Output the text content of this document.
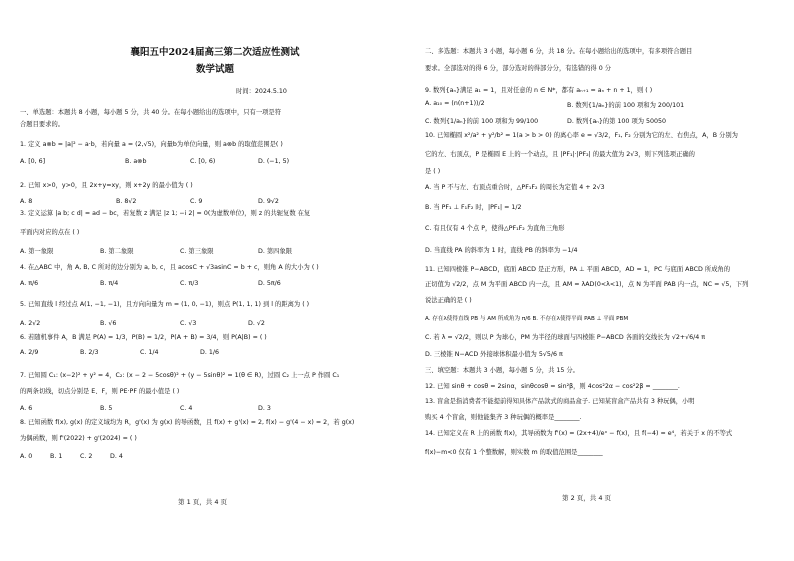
襄阳五中2024届高三第二次适应性测试
数学试题
时间：2024.5.10
一、单选题：本题共 8 小题，每小题 5 分，共 40 分。在每小题给出的选项中，只有一项是符
合题目要求的。
1. 定义 a⊗b = |a|² − a·b，若向量 a = (2,√5)，向量b为单位向量，则 a⊗b 的取值范围是( )
A. [0, 6]	B. a⊗b	C. [0, 6)	D. (−1, 5)
2. 已知 x>0，y>0，且 2x+y=xy，则 x+2y 的最小值为 ( )
A. 8	B. 8√2	C. 9	D. 9√2
3. 定义运算 |a b; c d| = ad − bc，若复数 z 满足 |z 1; −i 2| = 0(为虚数单位)，则 z 的共轭复数 在复
平面内对应的点在 ( )
A. 第一象限	B. 第二象限	C. 第三象限	D. 第四象限
4. 在△ABC 中，角 A, B, C 所对的边分别为 a, b, c，且 acosC + √3asinC = b + c，则角 A 的大小为 ( )
A. π/6	B. π/4	C. π/3	D. 5π/6
5. 已知直线 l 经过点 A(1, −1, −1)，且方向向量为 m = (1, 0, −1)，则点 P(1, 1, 1) 到 l 的距离为 ( )
A. 2√2	B. √6	C. √3	D. √2
6. 若随机事件 A，B 满足 P(A) = 1/3，P(B) = 1/2，P(A + B) = 3/4，则 P(A|B) = ( )
A. 2/9	B. 2/3	C. 1/4	D. 1/6
7. 已知圆 C₁: (x−2)² + y² = 4，C₂: (x − 2 − 5cosθ)² + (y − 5sinθ)² = 1(θ ∈ R)，过圆 C₂ 上一点 P 作圆 C₁
的两条切线，切点分别是 E、F，则 PE·PF 的最小值是 ( )
A. 6	B. 5	C. 4	D. 3
8. 已知函数 f(x), g(x) 的定义域均为 R，g'(x) 为 g(x) 的导函数，且 f(x) + g'(x) = 2, f(x) − g'(4 − x) = 2，若 g(x)
为偶函数，则 f'(2022) + g'(2024) = ( )
A. 0	B. 1	C. 2	D. 4
第 1 页，共 4 页
二、多选题：本题共 3 小题，每小题 6 分，共 18 分。在每小题给出的选项中，有多项符合题目
要求。全部选对的得 6 分，部分选对的得部分分，有选错的得 0 分
9. 数列{aₙ}满足 a₁ = 1，且对任意的 n ∈ N*，都有 aₙ₊₁ = aₙ + n + 1，则 ( )
A. a₁₀ = (n(n+1))/2	B. 数列{1/aₙ}的前 100 项和为 200/101
C. 数列{1/aₙ}的前 100 项和为 99/100	D. 数列{aₙ}的第 100 项为 50050
10. 已知椭圆 x²/a² + y²/b² = 1(a > b > 0) 的离心率 e = √3/2，F₁, F₂ 分别为它的左、右焦点，A，B 分别为
它的左、右顶点，P 是椭圆 E 上的一个动点，且 |PF₁|·|PF₂| 的最大值为 2√3，则下列选项正确的
是 ( )
A. 当 P 不与左、右顶点重合时，△PF₁F₂ 的周长为定值 4 + 2√3
B. 当 PF₁ ⊥ F₁F₂ 时，|PF₁| = 1/2
C. 有且仅有 4 个点 P，使得△PF₁F₂ 为直角三角形
D. 当直线 PA 的斜率为 1 时，直线 PB 的斜率为 −1/4
11. 已知四棱锥 P−ABCD，底面 ABCD 是正方形，PA ⊥ 平面 ABCD，AD = 1，PC 与底面 ABCD 所成角的
正切值为 √2/2，点 M 为平面 ABCD 内一点，且 AM = λAD(0<λ<1)，点 N 为平面 PAB 内一点，NC = √5，下列
说法正确的是 ( )
A. 存在λ使得直线 PB 与 AM 所成角为 π/6 B. 不存在λ使得平面 PAB ⊥ 平面 PBM
C. 若 λ = √2/2，则以 P 为球心，PM 为半径的球面与四棱锥 P−ABCD 各面的交线长为 √2+√6/4 π
D. 三棱锥 N−ACD 外接球体积最小值为 5√5/6 π
三、填空题：本题共 3 小题，每小题 5 分，共 15 分。
12. 已知 sinθ + cosθ = 2sinα，sinθcosθ = sin²β，则 4cos²2α − cos²2β = ________.
13. 盲盒是指消费者不能提前得知具体产品款式的商品盒子. 已知某盲盒产品共有 3 种玩偶，小明
购买 4 个盲盒，则他能集齐 3 种玩偶的概率是________.
14. 已知定义在 R 上的函数 f(x)，其导函数为 f'(x) = (2x+4)/eˣ − f(x)，且 f(−4) = e⁴，若关于 x 的不等式
f(x)−m<0 仅有 1 个整数解，则实数 m 的取值范围是________
第 2 页，共 4 页
